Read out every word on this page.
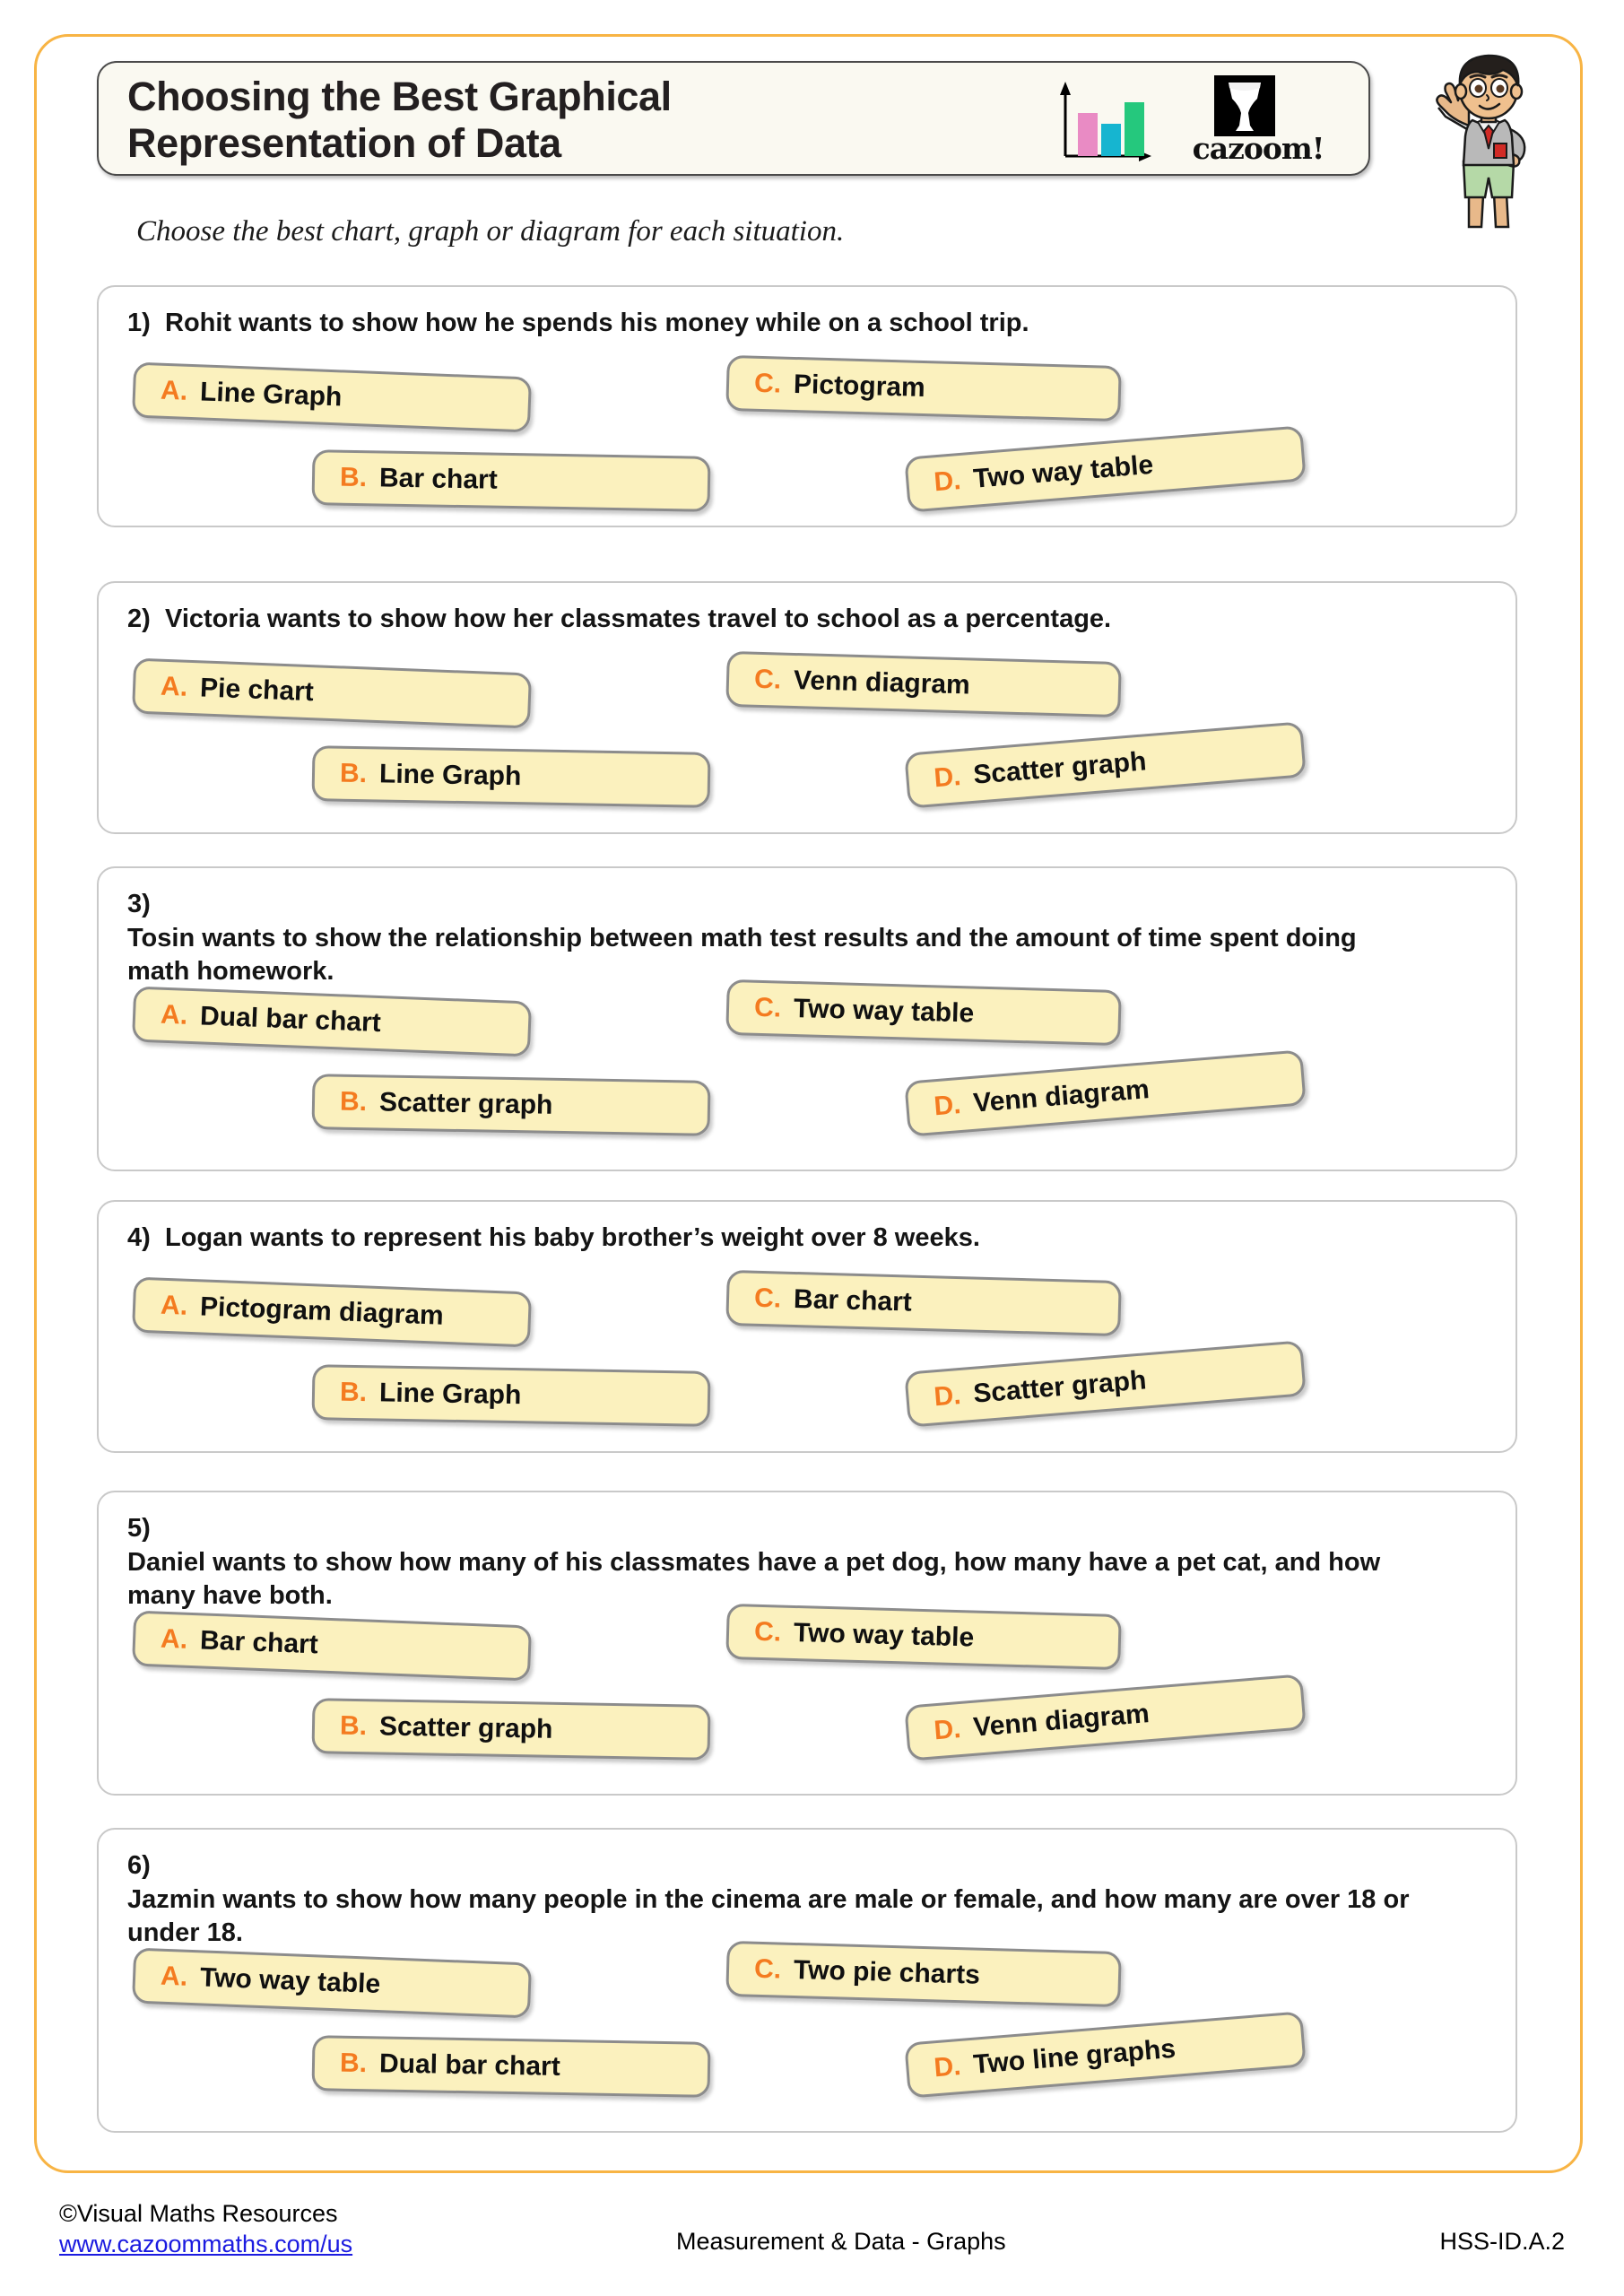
Choosing the Best Graphical
Representation of Data	cazoom!
Choose the best chart, graph or diagram for each situation.
1) Rohit wants to show how he spends his money while on a school trip.
A. Line Graph
B. Bar chart
C. Pictogram
D. Two way table
2) Victoria wants to show how her classmates travel to school as a percentage.
A. Pie chart
B. Line Graph
C. Venn diagram
D. Scatter graph
3)Tosin wants to show the relationship between math test results and the amount of time spent doing math homework.
A. Dual bar chart
B. Scatter graph
C. Two way table
D. Venn diagram
4) Logan wants to represent his baby brother’s weight over 8 weeks.
A. Pictogram diagram
B. Line Graph
C. Bar chart
D. Scatter graph
5)Daniel wants to show how many of his classmates have a pet dog, how many have a pet cat, and how many have both.
A. Bar chart
B. Scatter graph
C. Two way table
D. Venn diagram
6)Jazmin wants to show how many people in the cinema are male or female, and how many are over 18 or under 18.
A. Two way table
B. Dual bar chart
C. Two pie charts
D. Two line graphs
©Visual Maths Resources
www.cazoommaths.com/us	Measurement & Data - Graphs	HSS-ID.A.2
